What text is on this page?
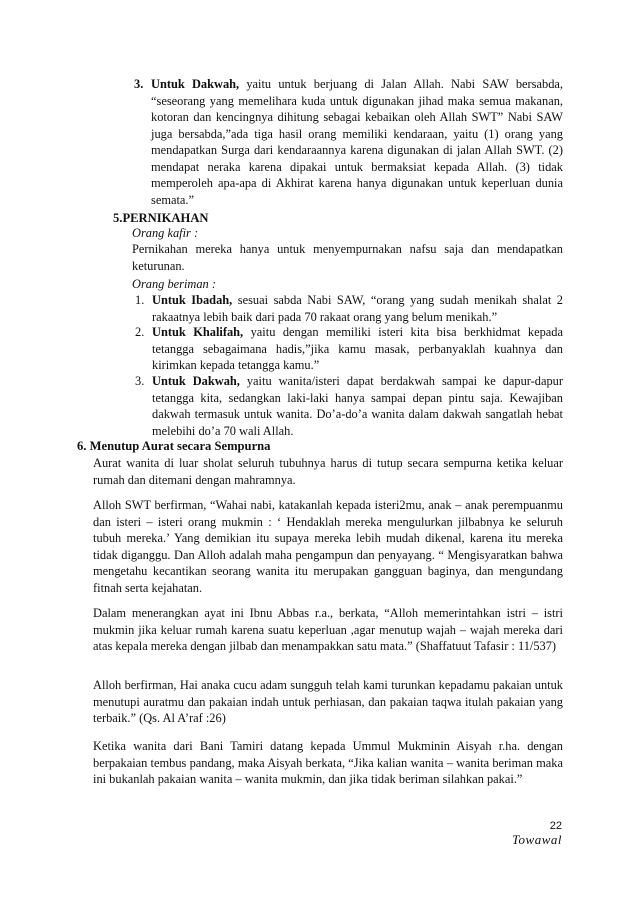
3. Untuk Dakwah, yaitu untuk berjuang di Jalan Allah. Nabi SAW bersabda, “seseorang yang memelihara kuda untuk digunakan jihad maka semua makanan, kotoran dan kencingnya dihitung sebagai kebaikan oleh Allah SWT” Nabi SAW juga bersabda,”ada tiga hasil orang memiliki kendaraan, yaitu (1) orang yang mendapatkan Surga dari kendaraannya karena digunakan di jalan Allah SWT. (2) mendapat neraka karena dipakai untuk bermaksiat kepada Allah. (3) tidak memperoleh apa-apa di Akhirat karena hanya digunakan untuk keperluan dunia semata.”
5.PERNIKAHAN
Orang kafir :
Pernikahan mereka hanya untuk menyempurnakan nafsu saja dan mendapatkan keturunan.
Orang beriman :
1. Untuk Ibadah, sesuai sabda Nabi SAW, “orang yang sudah menikah shalat 2 rakaatnya lebih baik dari pada 70 rakaat orang yang belum menikah.”
2. Untuk Khalifah, yaitu dengan memiliki isteri kita bisa berkhidmat kepada tetangga sebagaimana hadis,”jika kamu masak, perbanyaklah kuahnya dan kirimkan kepada tetangga kamu.”
3. Untuk Dakwah, yaitu wanita/isteri dapat berdakwah sampai ke dapur-dapur tetangga kita, sedangkan laki-laki hanya sampai depan pintu saja. Kewajiban dakwah termasuk untuk wanita. Do’a-do’a wanita dalam dakwah sangatlah hebat melebihi do’a 70 wali Allah.
6. Menutup Aurat secara Sempurna
Aurat wanita di luar sholat seluruh tubuhnya harus di tutup secara sempurna ketika keluar rumah dan ditemani dengan mahramnya.
Alloh SWT berfirman, “Wahai nabi, katakanlah kepada isteri2mu, anak – anak perempuanmu dan isteri – isteri orang mukmin : ‘ Hendaklah mereka mengulurkan jilbabnya ke seluruh tubuh mereka.’ Yang demikian itu supaya mereka lebih mudah dikenal, karena itu mereka tidak diganggu. Dan Alloh adalah maha pengampun dan penyayang. “ Mengisyaratkan bahwa mengetahu kecantikan seorang wanita itu merupakan gangguan baginya, dan mengundang fitnah serta kejahatan.
Dalam menerangkan ayat ini Ibnu Abbas r.a., berkata, “Alloh memerintahkan istri – istri mukmin jika keluar rumah karena suatu keperluan ,agar menutup wajah – wajah mereka dari atas kepala mereka dengan jilbab dan menampakkan satu mata.” (Shaffatuut Tafasir : 11/537)
Alloh berfirman, Hai anaka cucu adam sungguh telah kami turunkan kepadamu pakaian untuk menutupi auratmu dan pakaian indah untuk perhiasan, dan pakaian taqwa itulah pakaian yang terbaik.” (Qs. Al A’raf :26)
Ketika wanita dari Bani Tamiri datang kepada Ummul Mukminin Aisyah r.ha. dengan berpakaian tembus pandang, maka Aisyah berkata, “Jika kalian wanita – wanita beriman maka ini bukanlah pakaian wanita – wanita mukmin, dan jika tidak beriman silahkan pakai.”
22
Towawal
